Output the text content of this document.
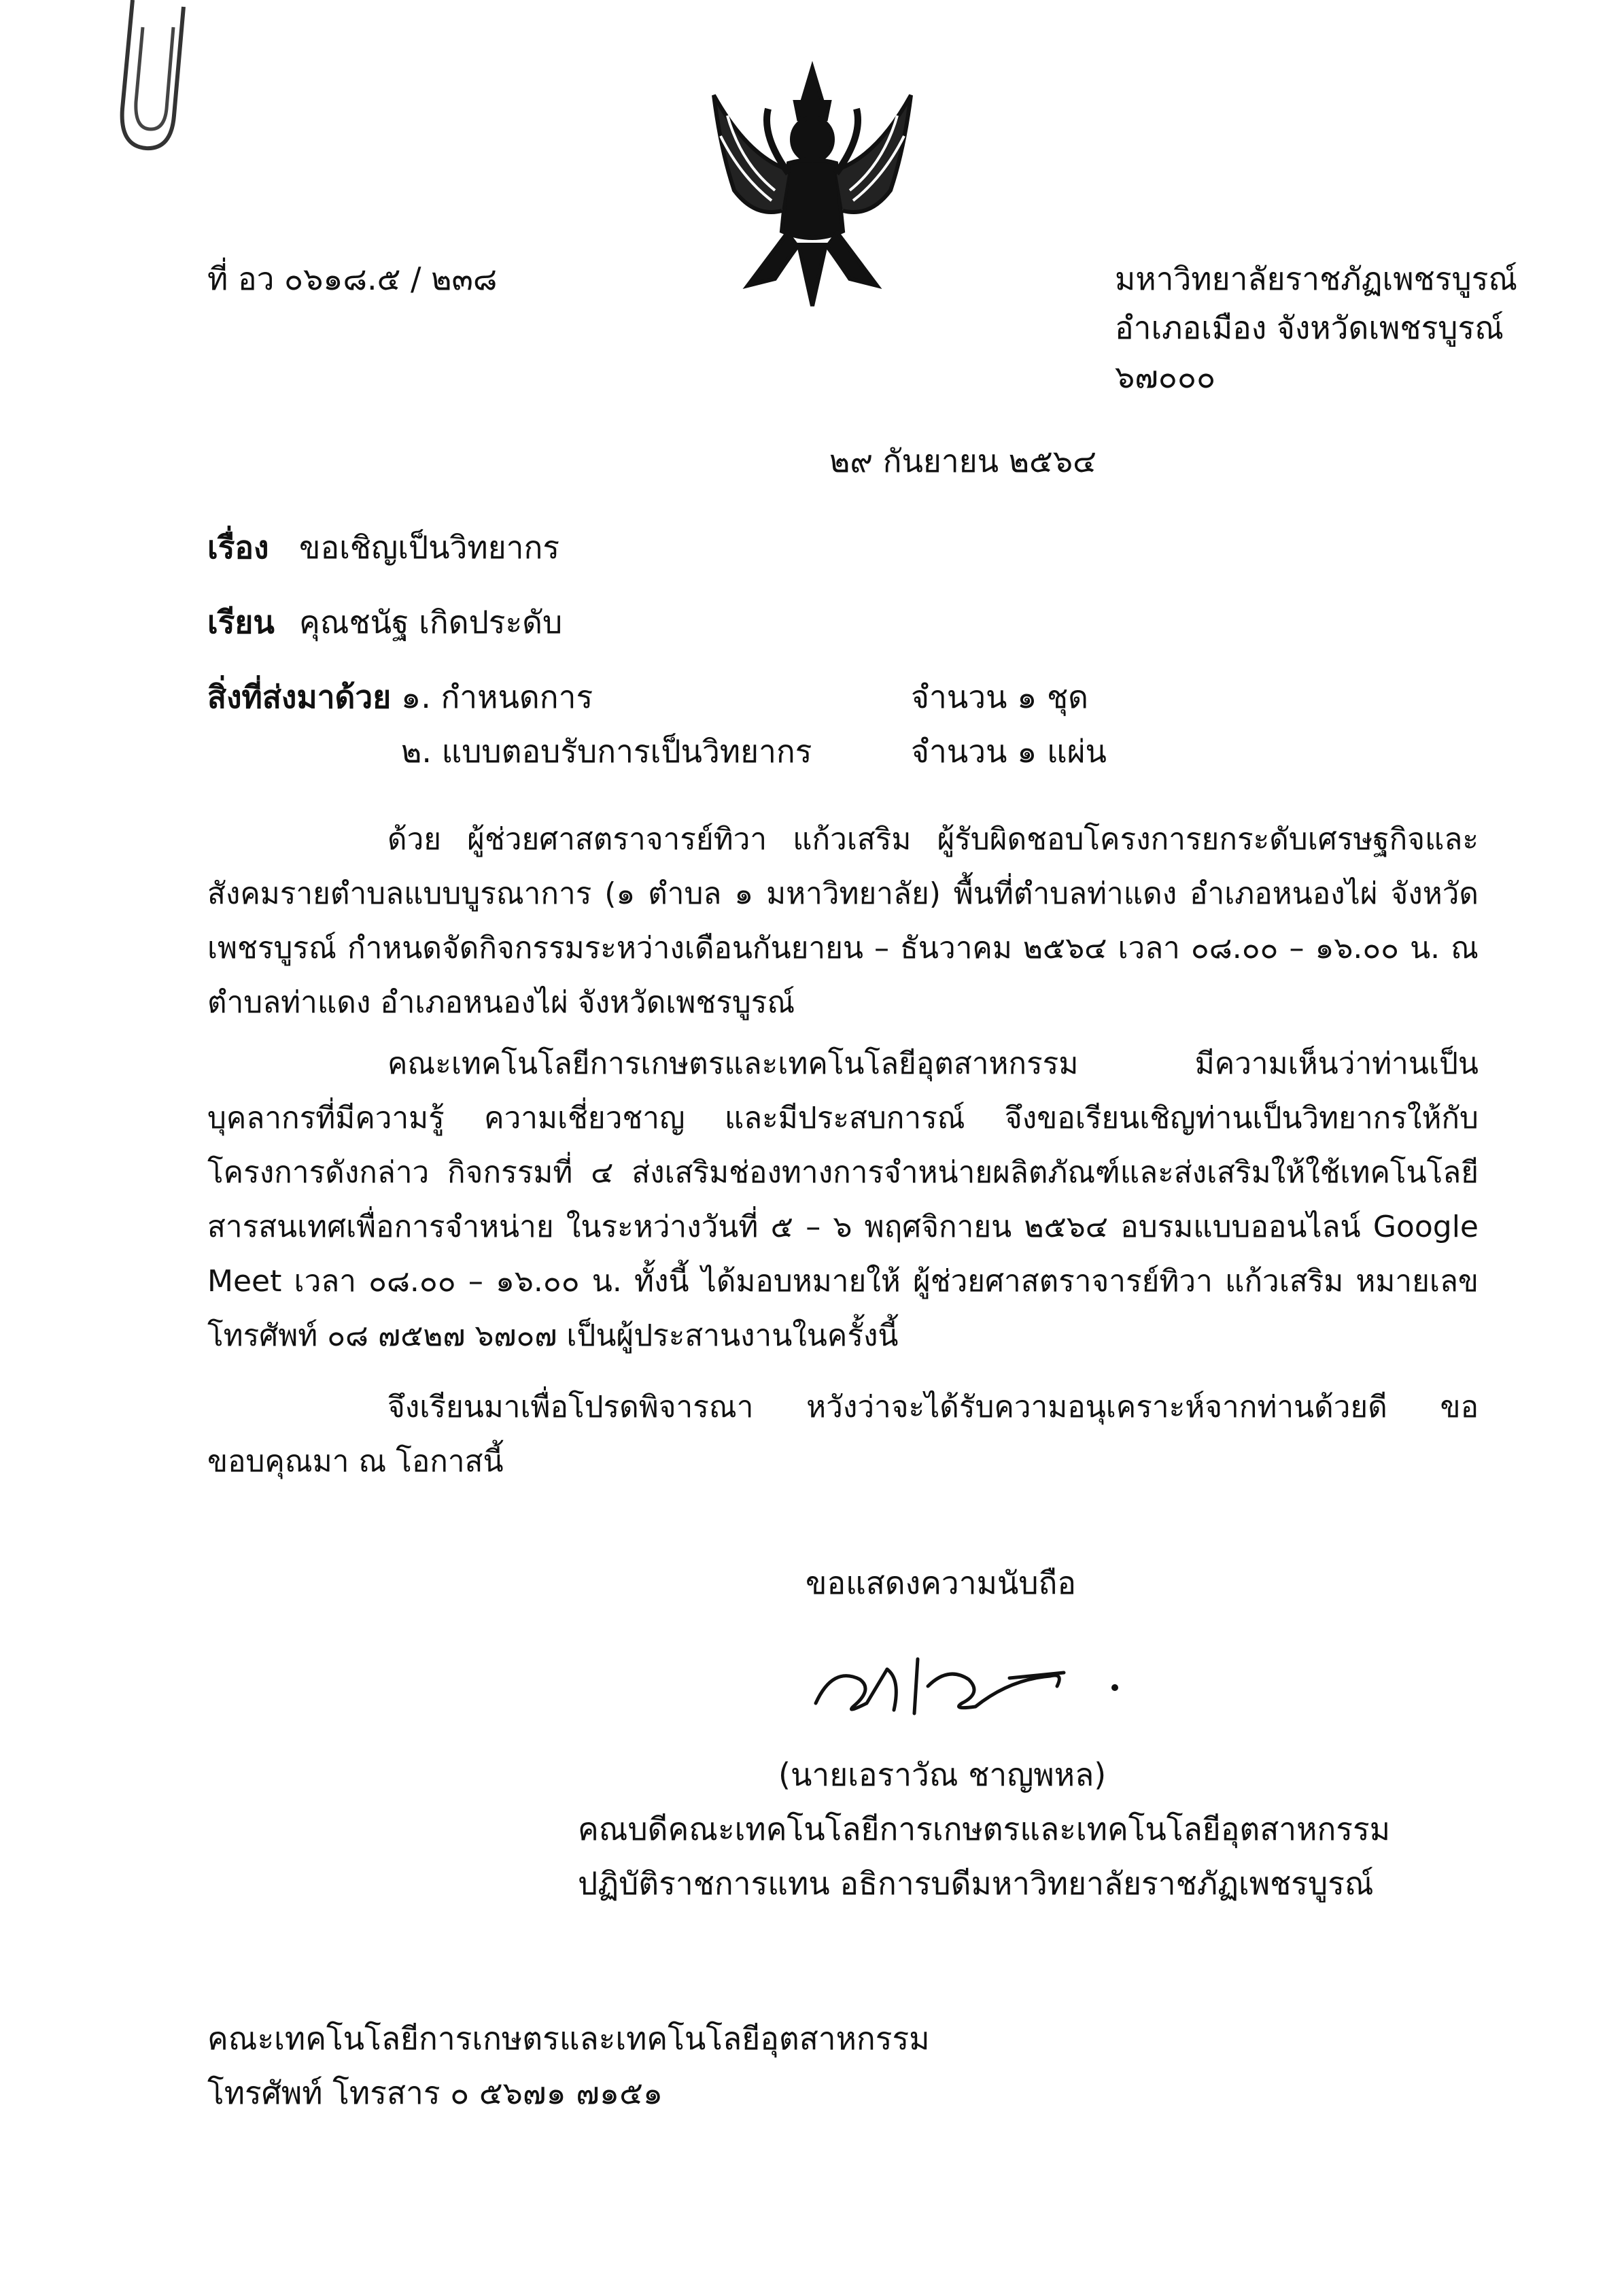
ที่ อว ๐๖๑๘.๕ / ๒๓๘	มหาวิทยาลัยราชภัฏเพชรบูรณ์
อำเภอเมือง จังหวัดเพชรบูรณ์
๖๗๐๐๐
๒๙ กันยายน ๒๕๖๔
เรื่อง ขอเชิญเป็นวิทยากร
เรียน คุณชนัฐ เกิดประดับ
สิ่งที่ส่งมาด้วย ๑. กำหนดการ	จำนวน ๑ ชุด
๒. แบบตอบรับการเป็นวิทยากร	จำนวน ๑ แผ่น
ด้วย ผู้ช่วยศาสตราจารย์ทิวา แก้วเสริม ผู้รับผิดชอบโครงการยกระดับเศรษฐกิจและสังคมรายตำบลแบบบูรณาการ (๑ ตำบล ๑ มหาวิทยาลัย) พื้นที่ตำบลท่าแดง อำเภอหนองไผ่ จังหวัดเพชรบูรณ์ กำหนดจัดกิจกรรมระหว่างเดือนกันยายน – ธันวาคม ๒๕๖๔ เวลา ๐๘.๐๐ – ๑๖.๐๐ น. ณ ตำบลท่าแดง อำเภอหนองไผ่ จังหวัดเพชรบูรณ์
คณะเทคโนโลยีการเกษตรและเทคโนโลยีอุตสาหกรรม มีความเห็นว่าท่านเป็นบุคลากรที่มีความรู้ ความเชี่ยวชาญ และมีประสบการณ์ จึงขอเรียนเชิญท่านเป็นวิทยากรให้กับโครงการดังกล่าว กิจกรรมที่ ๔ ส่งเสริมช่องทางการจำหน่ายผลิตภัณฑ์และส่งเสริมให้ใช้เทคโนโลยีสารสนเทศเพื่อการจำหน่าย ในระหว่างวันที่ ๕ – ๖ พฤศจิกายน ๒๕๖๔ อบรมแบบออนไลน์ Google Meet เวลา ๐๘.๐๐ – ๑๖.๐๐ น. ทั้งนี้ ได้มอบหมายให้ ผู้ช่วยศาสตราจารย์ทิวา แก้วเสริม หมายเลขโทรศัพท์ ๐๘ ๗๕๒๗ ๖๗๐๗ เป็นผู้ประสานงานในครั้งนี้
จึงเรียนมาเพื่อโปรดพิจารณา หวังว่าจะได้รับความอนุเคราะห์จากท่านด้วยดี ขอขอบคุณมา ณ โอกาสนี้
ขอแสดงความนับถือ
(นายเอราวัณ ชาญพหล)
คณบดีคณะเทคโนโลยีการเกษตรและเทคโนโลยีอุตสาหกรรม
ปฏิบัติราชการแทน อธิการบดีมหาวิทยาลัยราชภัฏเพชรบูรณ์
คณะเทคโนโลยีการเกษตรและเทคโนโลยีอุตสาหกรรม
โทรศัพท์ โทรสาร ๐ ๕๖๗๑ ๗๑๕๑
